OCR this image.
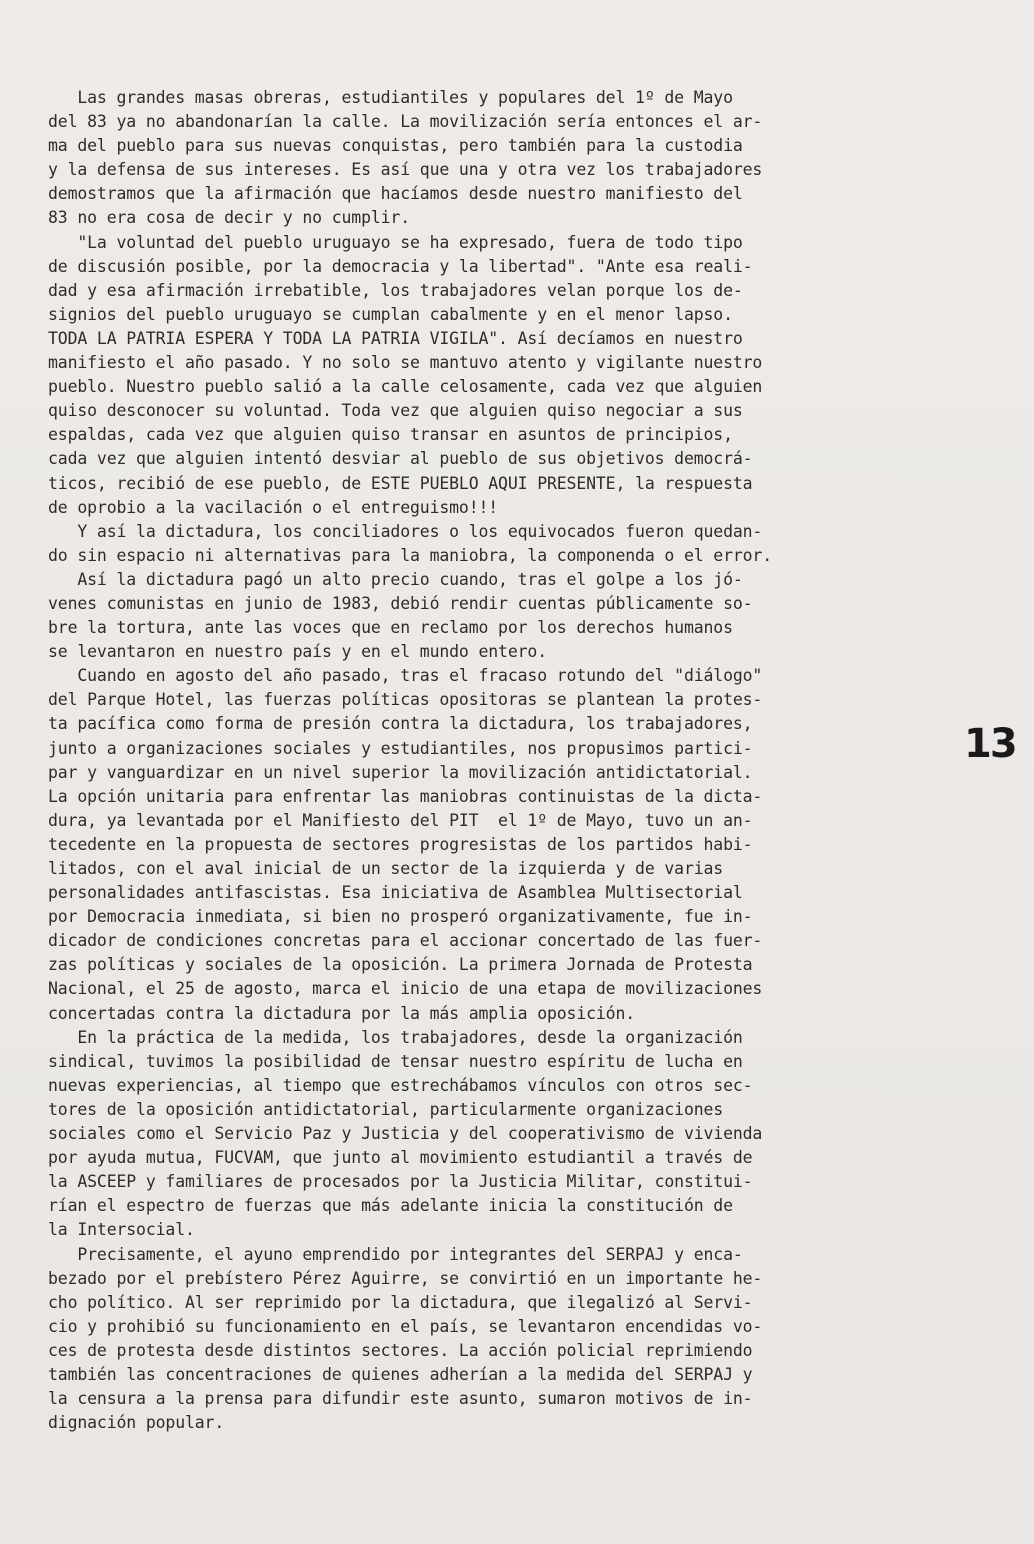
Las grandes masas obreras, estudiantiles y populares del 1º de Mayo
del 83 ya no abandonarían la calle. La movilización sería entonces el ar-
ma del pueblo para sus nuevas conquistas, pero también para la custodia
y la defensa de sus intereses. Es así que una y otra vez los trabajadores
demostramos que la afirmación que hacíamos desde nuestro manifiesto del
83 no era cosa de decir y no cumplir.
"La voluntad del pueblo uruguayo se ha expresado, fuera de todo tipo
de discusión posible, por la democracia y la libertad". "Ante esa reali-
dad y esa afirmación irrebatible, los trabajadores velan porque los de-
signios del pueblo uruguayo se cumplan cabalmente y en el menor lapso.
TODA LA PATRIA ESPERA Y TODA LA PATRIA VIGILA". Así decíamos en nuestro
manifiesto el año pasado. Y no solo se mantuvo atento y vigilante nuestro
pueblo. Nuestro pueblo salió a la calle celosamente, cada vez que alguien
quiso desconocer su voluntad. Toda vez que alguien quiso negociar a sus
espaldas, cada vez que alguien quiso transar en asuntos de principios,
cada vez que alguien intentó desviar al pueblo de sus objetivos democrá-
ticos, recibió de ese pueblo, de ESTE PUEBLO AQUI PRESENTE, la respuesta
de oprobio a la vacilación o el entreguismo!!!
Y así la dictadura, los conciliadores o los equivocados fueron quedan-
do sin espacio ni alternativas para la maniobra, la componenda o el error.
Así la dictadura pagó un alto precio cuando, tras el golpe a los jó-
venes comunistas en junio de 1983, debió rendir cuentas públicamente so-
bre la tortura, ante las voces que en reclamo por los derechos humanos
se levantaron en nuestro país y en el mundo entero.
Cuando en agosto del año pasado, tras el fracaso rotundo del "diálogo"
del Parque Hotel, las fuerzas políticas opositoras se plantean la protes-
ta pacífica como forma de presión contra la dictadura, los trabajadores,
junto a organizaciones sociales y estudiantiles, nos propusimos partici-
par y vanguardizar en un nivel superior la movilización antidictatorial.
La opción unitaria para enfrentar las maniobras continuistas de la dicta-
dura, ya levantada por el Manifiesto del PIT  el 1º de Mayo, tuvo un an-
tecedente en la propuesta de sectores progresistas de los partidos habi-
litados, con el aval inicial de un sector de la izquierda y de varias
personalidades antifascistas. Esa iniciativa de Asamblea Multisectorial
por Democracia inmediata, si bien no prosperó organizativamente, fue in-
dicador de condiciones concretas para el accionar concertado de las fuer-
zas políticas y sociales de la oposición. La primera Jornada de Protesta
Nacional, el 25 de agosto, marca el inicio de una etapa de movilizaciones
concertadas contra la dictadura por la más amplia oposición.
En la práctica de la medida, los trabajadores, desde la organización
sindical, tuvimos la posibilidad de tensar nuestro espíritu de lucha en
nuevas experiencias, al tiempo que estrechábamos vínculos con otros sec-
tores de la oposición antidictatorial, particularmente organizaciones
sociales como el Servicio Paz y Justicia y del cooperativismo de vivienda
por ayuda mutua, FUCVAM, que junto al movimiento estudiantil a través de
la ASCEEP y familiares de procesados por la Justicia Militar, constitui-
rían el espectro de fuerzas que más adelante inicia la constitución de
la Intersocial.
Precisamente, el ayuno emprendido por integrantes del SERPAJ y enca-
bezado por el prebístero Pérez Aguirre, se convirtió en un importante he-
cho político. Al ser reprimido por la dictadura, que ilegalizó al Servi-
cio y prohibió su funcionamiento en el país, se levantaron encendidas vo-
ces de protesta desde distintos sectores. La acción policial reprimiendo
también las concentraciones de quienes adherían a la medida del SERPAJ y
la censura a la prensa para difundir este asunto, sumaron motivos de in-
dignación popular.
13
